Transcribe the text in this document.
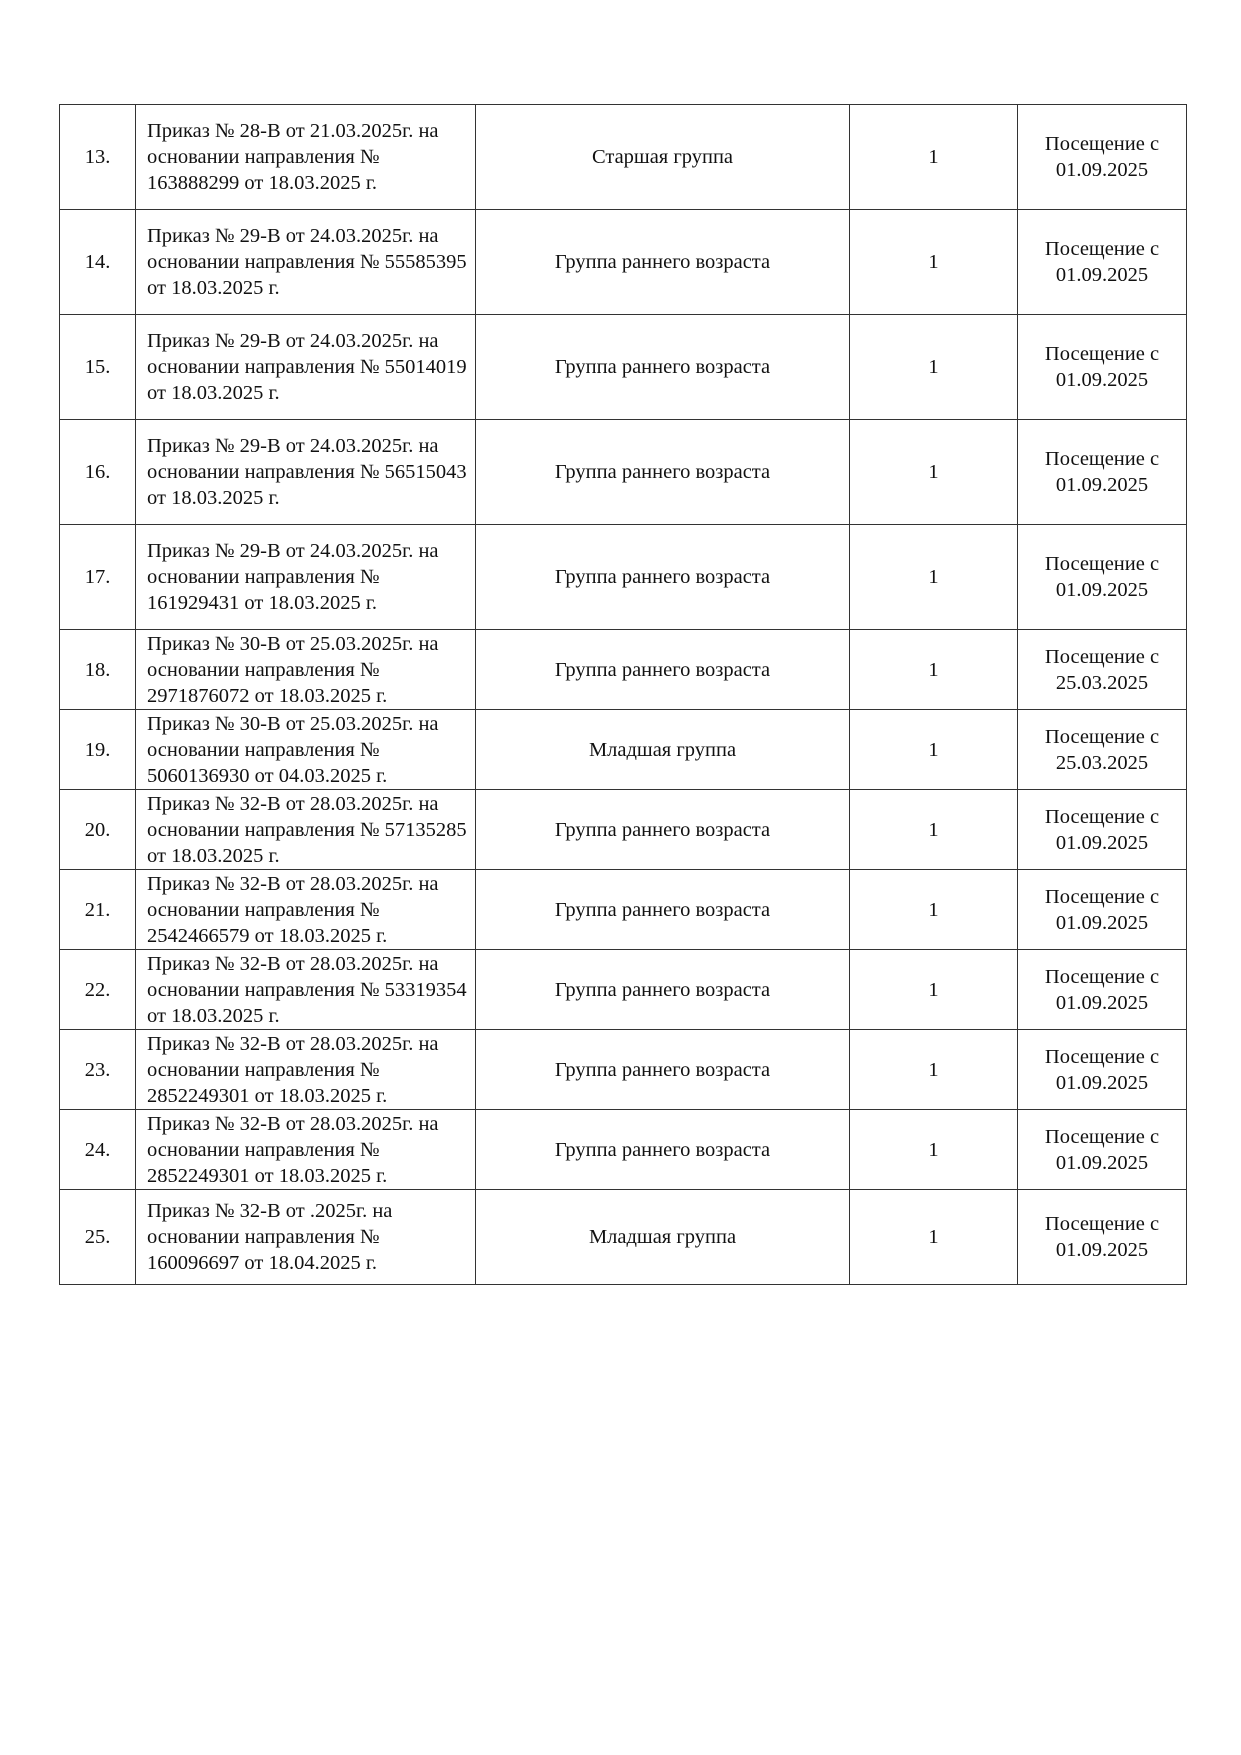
13.	Приказ № 28-В от 21.03.2025г. на основании направления № 163888299 от 18.03.2025 г.	Старшая группа	1	Посещение с 01.09.2025
14.	Приказ № 29-В от 24.03.2025г. на основании направления № 55585395 от 18.03.2025 г.	Группа раннего возраста	1	Посещение с 01.09.2025
15.	Приказ № 29-В от 24.03.2025г. на основании направления № 55014019 от 18.03.2025 г.	Группа раннего возраста	1	Посещение с 01.09.2025
16.	Приказ № 29-В от 24.03.2025г. на основании направления № 56515043 от 18.03.2025 г.	Группа раннего возраста	1	Посещение с 01.09.2025
17.	Приказ № 29-В от 24.03.2025г. на основании направления № 161929431 от 18.03.2025 г.	Группа раннего возраста	1	Посещение с 01.09.2025
18.	Приказ № 30-В от 25.03.2025г. на основании направления № 2971876072 от 18.03.2025 г.	Группа раннего возраста	1	Посещение с 25.03.2025
19.	Приказ № 30-В от 25.03.2025г. на основании направления № 5060136930 от 04.03.2025 г.	Младшая группа	1	Посещение с 25.03.2025
20.	Приказ № 32-В от 28.03.2025г. на основании направления № 57135285 от 18.03.2025 г.	Группа раннего возраста	1	Посещение с 01.09.2025
21.	Приказ № 32-В от 28.03.2025г. на основании направления № 2542466579 от 18.03.2025 г.	Группа раннего возраста	1	Посещение с 01.09.2025
22.	Приказ № 32-В от 28.03.2025г. на основании направления № 53319354 от 18.03.2025 г.	Группа раннего возраста	1	Посещение с 01.09.2025
23.	Приказ № 32-В от 28.03.2025г. на основании направления № 2852249301 от 18.03.2025 г.	Группа раннего возраста	1	Посещение с 01.09.2025
24.	Приказ № 32-В от 28.03.2025г. на основании направления № 2852249301 от 18.03.2025 г.	Группа раннего возраста	1	Посещение с 01.09.2025
25.	Приказ № 32-В от .2025г. на основании направления № 160096697 от 18.04.2025 г.	Младшая группа	1	Посещение с 01.09.2025
